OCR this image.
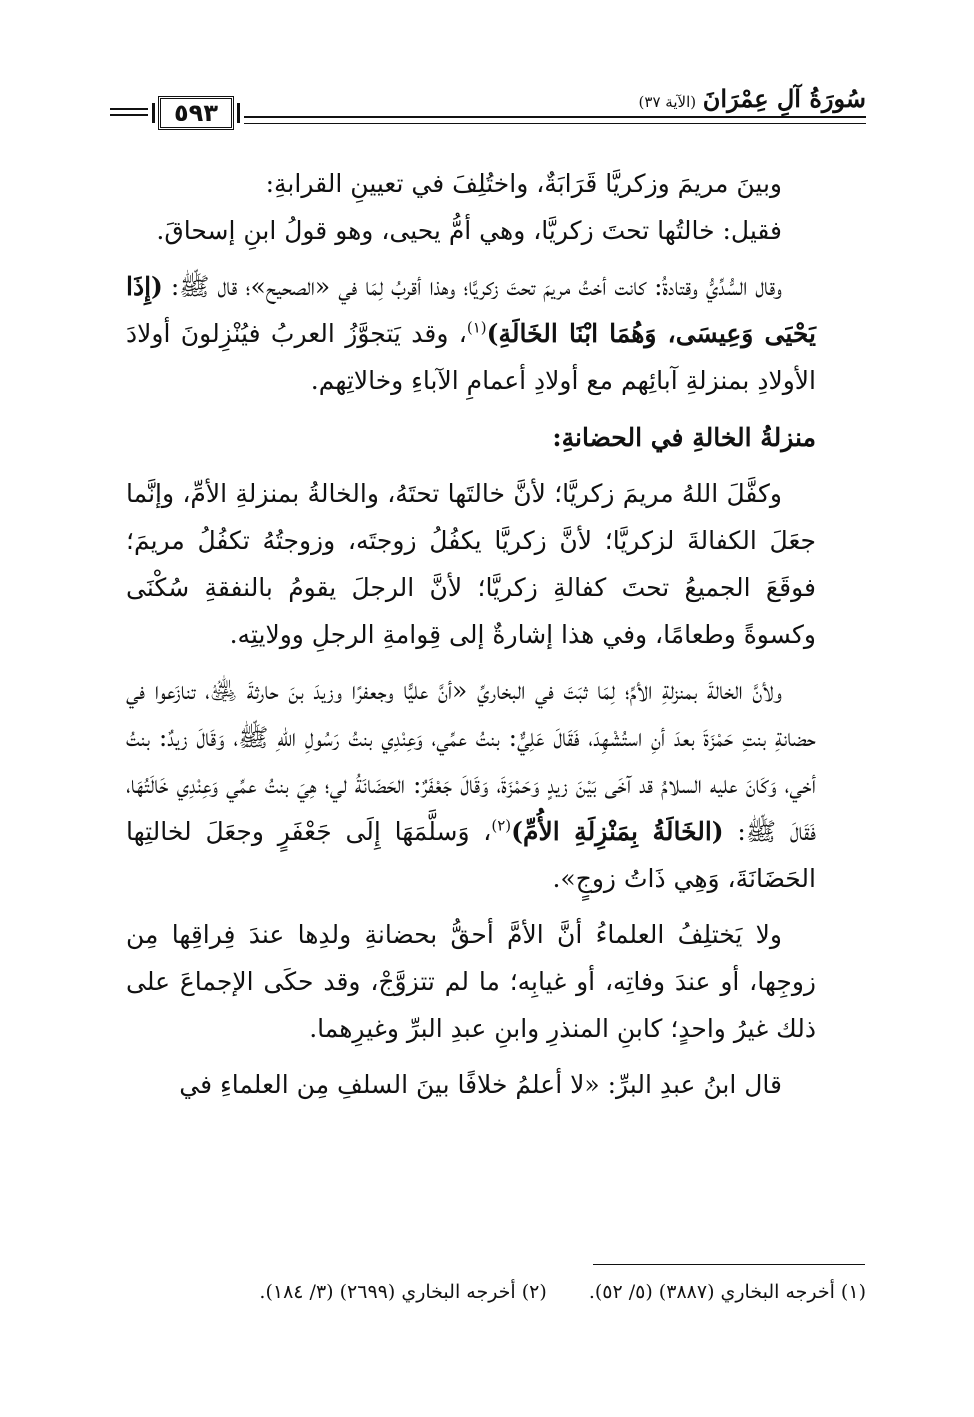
٥٩٣	سُورَةُ آلِ عِمْرَانَ (الآية ٣٧)

وبينَ مريمَ وزكريَّا قَرَابَةٌ، واختُلِفَ في تعيينِ القرابةِ:

فقيل: خالتُها تحتَ زكريَّا، وهي أمُّ يحيى، وهو قولُ ابنِ إسحاقَ.

وقال السُّدِّيُّ وقتادةُ: كانت أختُ مريمَ تحتَ زكريَّا؛ وهذا أقربُ لِمَا في «الصحيح»؛ قال ﷺ: (إِذَا يَحْيَى وَعِيسَى، وَهُمَا ابْنَا الخَالَةِ)$^{(١)}$، وقد يَتجوَّزُ العربُ فيُنْزِلونَ أولادَ الأولادِ بمنزلةِ آبائِهم مع أولادِ أعمامِ الآباءِ وخالاتِهم.

منزلةُ الخالةِ في الحضانةِ:

وكفَّلَ اللهُ مريمَ زكريَّا؛ لأنَّ خالتَها تحتَهُ، والخالةُ بمنزلةِ الأمِّ، وإنَّما جعَلَ الكفالةَ لزكريَّا؛ لأنَّ زكريَّا يكفُلُ زوجتَه، وزوجتُهُ تكفُلُ مريمَ؛ فوقَعَ الجميعُ تحتَ كفالةِ زكريَّا؛ لأنَّ الرجلَ يقومُ بالنفقةِ سُكْنَى وكسوةً وطعامًا، وفي هذا إشارةٌ إلى قِوامةِ الرجلِ وولايتِه.

ولأنَّ الخالةَ بمنزلةِ الأمِّ؛ لِمَا ثبَتَ في البخاريِّ «أنَّ عليًّا وجعفرًا وزيدَ بنَ حارثةَ ﵁، تنازَعوا في حضانةِ بنتِ حَمْزَةَ بعدَ أنِ استُشْهِدَ، فَقَالَ عَلِيٌّ: بنتُ عمِّي، وَعِنْدِي بنتُ رَسُولِ اللهِ ﷺ، وَقَالَ زيدٌ: بنتُ أخي، وَكَانَ عليه السلامُ قد آخَى بَيْنَ زيدٍ وَحَمْزَةَ، وَقَالَ جَعْفَرٌ: الحَضَانَةُ لي؛ هِيَ بنتُ عمِّي وَعِنْدِي خَالَتُهَا، فَقَالَ ﷺ: (الخَالَةُ بِمَنْزِلَةِ الأُمِّ)$^{(٢)}$، وَسلَّمَهَا إِلَى جَعْفَرٍ وجعَلَ لخالتِها الحَضَانَةَ، وَهِي ذَاتُ زوجٍ».

ولا يَختلِفُ العلماءُ أنَّ الأمَّ أحقُّ بحضانةِ ولدِها عندَ فِراقِها مِن زوجِها، أو عندَ وفاتِه، أو غيابِه؛ ما لم تتزوَّجْ، وقد حكَى الإجماعَ على ذلك غيرُ واحدٍ؛ كابنِ المنذرِ وابنِ عبدِ البرِّ وغيرِهما.

قال ابنُ عبدِ البرِّ: «لا أعلمُ خلافًا بينَ السلفِ مِن العلماءِ في

(١) أخرجه البخاري (٣٨٨٧) (٥/ ٥٢).
(٢) أخرجه البخاري (٢٦٩٩) (٣/ ١٨٤).
